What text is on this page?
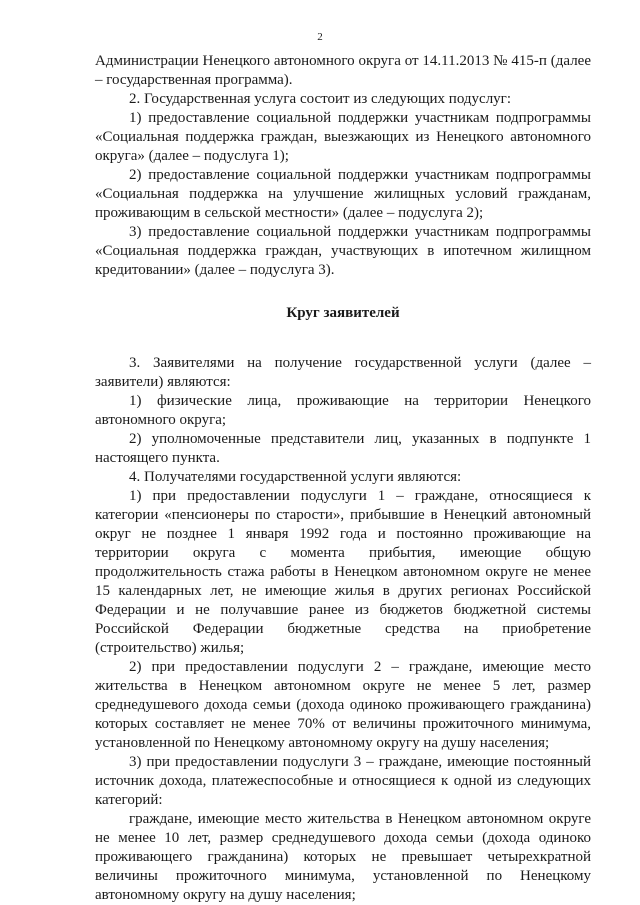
2

Администрации Ненецкого автономного округа от 14.11.2013 № 415-п (далее – государственная программа).

2. Государственная услуга состоит из следующих подуслуг:

1) предоставление социальной поддержки участникам подпрограммы «Социальная поддержка граждан, выезжающих из Ненецкого автономного округа» (далее – подуслуга 1);

2) предоставление социальной поддержки участникам подпрограммы «Социальная поддержка на улучшение жилищных условий гражданам, проживающим в сельской местности» (далее – подуслуга 2);

3) предоставление социальной поддержки участникам подпрограммы «Социальная поддержка граждан, участвующих в ипотечном жилищном кредитовании» (далее – подуслуга 3).

Круг заявителей

3. Заявителями на получение государственной услуги (далее – заявители) являются:

1) физические лица, проживающие на территории Ненецкого автономного округа;

2) уполномоченные представители лиц, указанных в подпункте 1 настоящего пункта.

4. Получателями государственной услуги являются:

1) при предоставлении подуслуги 1 – граждане, относящиеся к категории «пенсионеры по старости», прибывшие в Ненецкий автономный округ не позднее 1 января 1992 года и постоянно проживающие на территории округа с момента прибытия, имеющие общую продолжительность стажа работы в Ненецком автономном округе не менее 15 календарных лет, не имеющие жилья в других регионах Российской Федерации и не получавшие ранее из бюджетов бюджетной системы Российской Федерации бюджетные средства на приобретение (строительство) жилья;

2) при предоставлении подуслуги 2 – граждане, имеющие место жительства в Ненецком автономном округе не менее 5 лет, размер среднедушевого дохода семьи (дохода одиноко проживающего гражданина) которых составляет не менее 70% от величины прожиточного минимума, установленной по Ненецкому автономному округу на душу населения;

3) при предоставлении подуслуги 3 – граждане, имеющие постоянный источник дохода, платежеспособные и относящиеся к одной из следующих категорий:

граждане, имеющие место жительства в Ненецком автономном округе не менее 10 лет, размер среднедушевого дохода семьи (дохода одиноко проживающего гражданина) которых не превышает четырехкратной величины прожиточного минимума, установленной по Ненецкому автономному округу на душу населения;
